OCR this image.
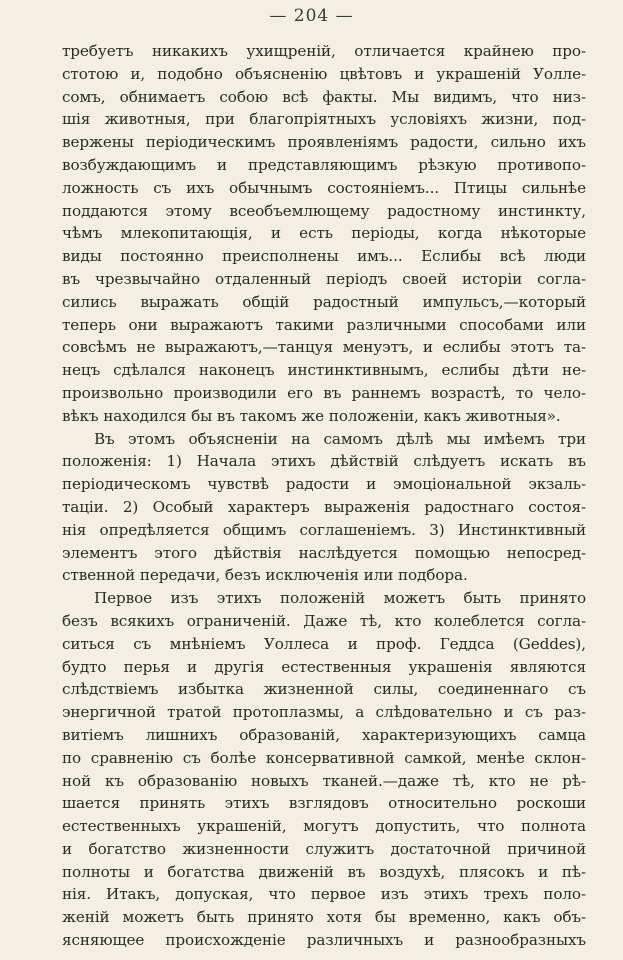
— 204 —
требуетъ никакихъ ухищреній, отличается крайнею про-
стотою и, подобно объясненію цвѣтовъ и украшеній Уолле-
сомъ, обнимаетъ собою всѣ факты. Мы видимъ, что низ-
шія животныя, при благопріятныхъ условіяхъ жизни, под-
вержены періодическимъ проявленіямъ радости, сильно ихъ
возбуждающимъ и представляющимъ рѣзкую противопо-
ложность съ ихъ обычнымъ состояніемъ... Птицы сильнѣе
поддаются этому всеобъемлющему радостному инстинкту,
чѣмъ млекопитающія, и есть періоды, когда нѣкоторые
виды постоянно преисполнены имъ... Еслибы всѣ люди
въ чрезвычайно отдаленный періодъ своей исторіи согла-
сились выражать общій радостный импульсъ,—который
теперь они выражаютъ такими различными способами или
совсѣмъ не выражаютъ,—танцуя менуэтъ, и еслибы этотъ та-
нецъ сдѣлался наконецъ инстинктивнымъ, еслибы дѣти не-
произвольно производили его въ раннемъ возрастѣ, то чело-
вѣкъ находился бы въ такомъ же положеніи, какъ животныя».
Въ этомъ объясненіи на самомъ дѣлѣ мы имѣемъ три
положенія: 1) Начала этихъ дѣйствій слѣдуетъ искать въ
періодическомъ чувствѣ радости и эмоціональной экзаль-
таціи. 2) Особый характеръ выраженія радостнаго состоя-
нія опредѣляется общимъ соглашеніемъ. 3) Инстинктивный
элементъ этого дѣйствія наслѣдуется помощью непосред-
ственной передачи, безъ исключенія или подбора.
Первое изъ этихъ положеній можетъ быть принято
безъ всякихъ ограниченій. Даже тѣ, кто колеблется согла-
ситься съ мнѣніемъ Уоллеса и проф. Геддса (Geddes),
будто перья и другія естественныя украшенія являются
слѣдствіемъ избытка жизненной силы, соединеннаго съ
энергичной тратой протоплазмы, а слѣдовательно и съ раз-
витіемъ лишнихъ образованій, характеризующихъ самца
по сравненію съ болѣе консервативной самкой, менѣе склон-
ной къ образованію новыхъ тканей.—даже тѣ, кто не рѣ-
шается принять этихъ взглядовъ относительно роскоши
естественныхъ украшеній, могутъ допустить, что полнота
и богатство жизненности служитъ достаточной причиной
полноты и богатства движеній въ воздухѣ, плясокъ и пѣ-
нія. Итакъ, допуская, что первое изъ этихъ трехъ поло-
женій можетъ быть принято хотя бы временно, какъ объ-
ясняющее происхожденіе различныхъ и разнообразныхъ
